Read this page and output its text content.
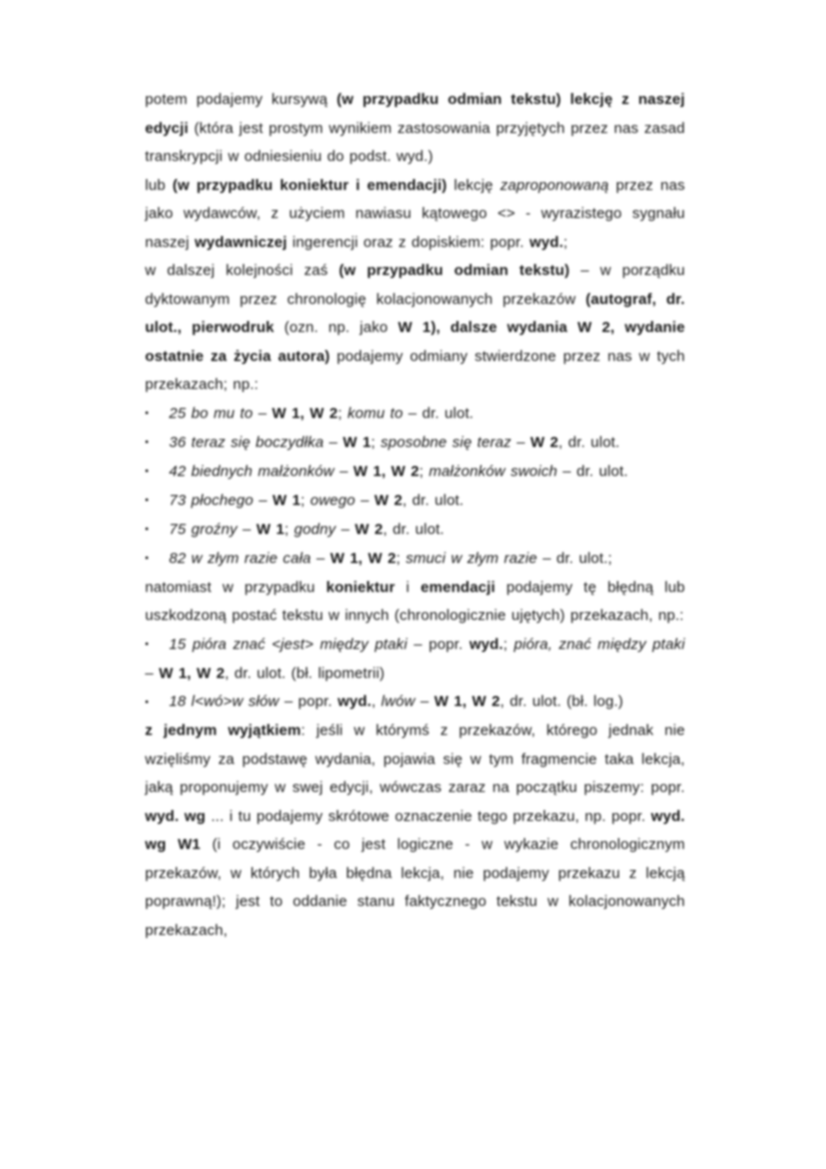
potem podajemy kursywą (w przypadku odmian tekstu) lekcję z naszej edycji (która jest prostym wynikiem zastosowania przyjętych przez nas zasad transkrypcji w odniesieniu do podst. wyd.)

lub (w przypadku koniektur i emendacji) lekcję zaproponowaną przez nas jako wydawców, z użyciem nawiasu kątowego <> - wyrazistego sygnału naszej wydawniczej ingerencji oraz z dopiskiem: popr. wyd.;

w dalszej kolejności zaś (w przypadku odmian tekstu) – w porządku dyktowanym przez chronologię kolacjonowanych przekazów (autograf, dr. ulot., pierwodruk (ozn. np. jako W 1), dalsze wydania W 2, wydanie ostatnie za życia autora) podajemy odmiany stwierdzone przez nas w tych przekazach; np.:

▪ 25 bo mu to – W 1, W 2; komu to – dr. ulot.

▪ 36 teraz się boczydłka – W 1; sposobne się teraz – W 2, dr. ulot.

▪ 42 biednych małżonków – W 1, W 2; małżonków swoich – dr. ulot.

▪ 73 płochego – W 1; owego – W 2, dr. ulot.

▪ 75 groźny – W 1; godny – W 2, dr. ulot.

▪ 82 w złym razie cała – W 1, W 2; smuci w złym razie – dr. ulot.;

natomiast w przypadku koniektur i emendacji podajemy tę błędną lub uszkodzoną postać tekstu w innych (chronologicznie ujętych) przekazach, np.:

▪ 15 pióra znać <jest> między ptaki – popr. wyd.; pióra, znać między ptaki – W 1, W 2, dr. ulot. (bł. lipometrii)

▪ 18 l<wó>w słów – popr. wyd., lwów – W 1, W 2, dr. ulot. (bł. log.)

z jednym wyjątkiem: jeśli w którymś z przekazów, którego jednak nie wzięliśmy za podstawę wydania, pojawia się w tym fragmencie taka lekcja, jaką proponujemy w swej edycji, wówczas zaraz na początku piszemy: popr. wyd. wg ... i tu podajemy skrótowe oznaczenie tego przekazu, np. popr. wyd. wg W1 (i oczywiście - co jest logiczne - w wykazie chronologicznym przekazów, w których była błędna lekcja, nie podajemy przekazu z lekcją poprawną!); jest to oddanie stanu faktycznego tekstu w kolacjonowanych przekazach,
